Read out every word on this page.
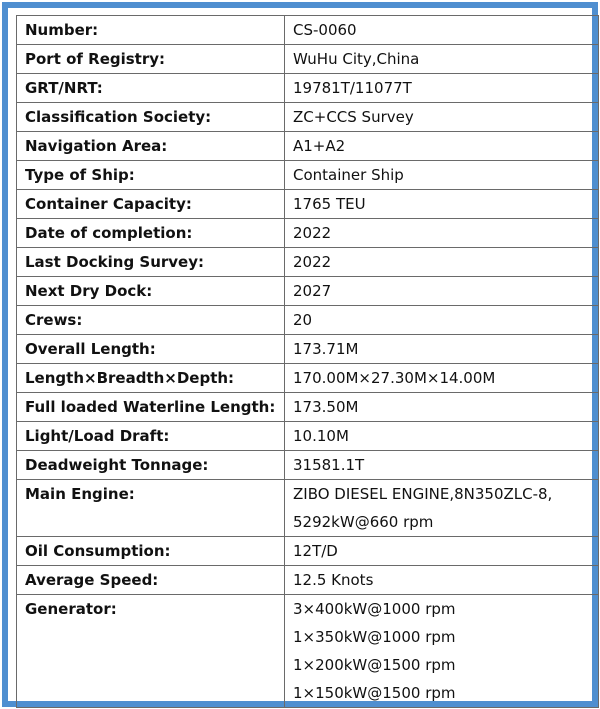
Number:	CS-0060

Port of Registry:	WuHu City,China

GRT/NRT:	19781T/11077T

Classification Society:	ZC+CCS Survey

Navigation Area:	A1+A2

Type of Ship:	Container Ship

Container Capacity:	1765 TEU

Date of completion:	2022

Last Docking Survey:	2022

Next Dry Dock:	2027

Crews:	20

Overall Length:	173.71M

Length×Breadth×Depth:	170.00M×27.30M×14.00M

Full loaded Waterline Length:	173.50M

Light/Load Draft:	10.10M

Deadweight Tonnage:	31581.1T

Main Engine:	ZIBO DIESEL ENGINE,8N350ZLC-8,
5292kW@660 rpm

Oil Consumption:	12T/D

Average Speed:	12.5 Knots

Generator:	3×400kW@1000 rpm
1×350kW@1000 rpm
1×200kW@1500 rpm
1×150kW@1500 rpm
